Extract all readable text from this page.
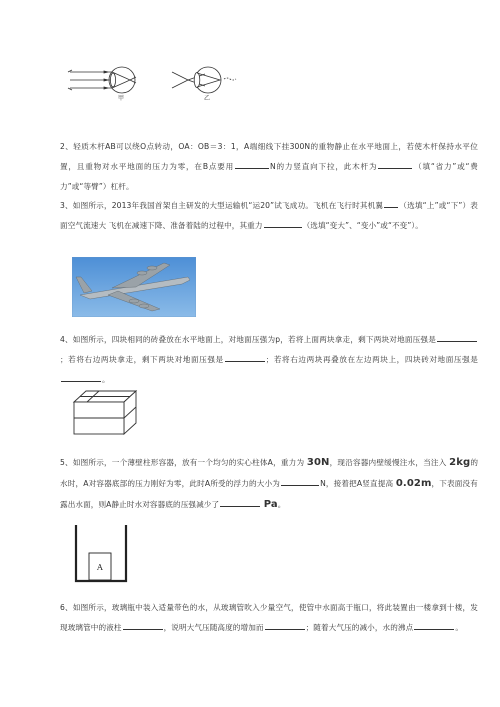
甲	乙
2、轻质木杆AB可以绕O点转动，OA：OB＝3：1，A端细线下挂300N的重物静止在水平地面上，若使木杆保持水平位置，且重物对水平地面的压力为零，在B点要用	N的力竖直向下拉，此木杆为	（填“省力”或“费力”或“等臂”）杠杆。
3、如图所示，2013年我国首架自主研发的大型运输机“运20”试飞成功。飞机在飞行时其机翼 （选填“上”或“下”）表面空气流速大 飞机在减速下降、准备着陆的过程中，其重力	（选填“变大”、“变小”或“不变”）。
4、如图所示，四块相同的砖叠放在水平地面上，对地面压强为p，若将上面两块拿走，剩下两块对地面压强是；若将右边两块拿走，剩下两块对地面压强是	；若将右边两块再叠放在左边两块上，四块砖对地面压强是。
5、如图所示，一个薄壁柱形容器，放有一个均匀的实心柱体A，重力为 30N，现沿容器内壁缓慢注水，当注入 2kg的水时，A对容器底部的压力刚好为零，此时A所受的浮力的大小为	N，接着把A竖直提高 0.02m，下表面没有露出水面，则A静止时水对容器底的压强减少了	Pa。
A
6、如图所示，玻璃瓶中装入适量带色的水，从玻璃管吹入少量空气，使管中水面高于瓶口，将此装置由一楼拿到十楼，发现玻璃管中的液柱	，说明大气压随高度的增加而	；随着大气压的减小，水的沸点	。
